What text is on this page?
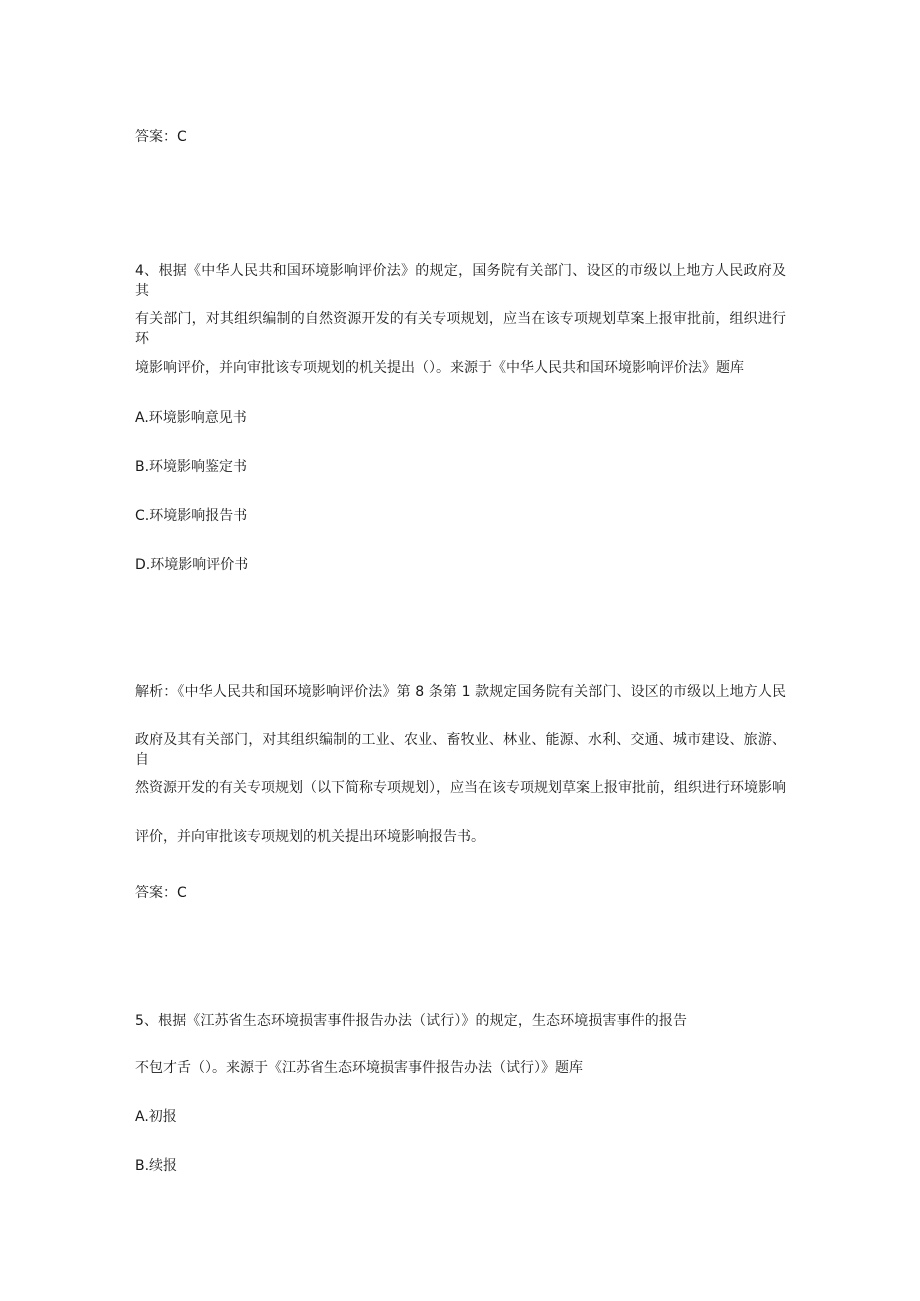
答案：C
4、根据《中华人民共和国环境影响评价法》的规定，国务院有关部门、设区的市级以上地方人民政府及其
有关部门，对其组织编制的自然资源开发的有关专项规划，应当在该专项规划草案上报审批前，组织进行环
境影响评价，并向审批该专项规划的机关提出（）。来源于《中华人民共和国环境影响评价法》题库
A.环境影响意见书
B.环境影响鉴定书
C.环境影响报告书
D.环境影响评价书
解析：《中华人民共和国环境影响评价法》第 8 条第 1 款规定国务院有关部门、设区的市级以上地方人民
政府及其有关部门，对其组织编制的工业、农业、畜牧业、林业、能源、水利、交通、城市建设、旅游、自
然资源开发的有关专项规划（以下简称专项规划），应当在该专项规划草案上报审批前，组织进行环境影响
评价，并向审批该专项规划的机关提出环境影响报告书。
答案：C
5、根据《江苏省生态环境损害事件报告办法（试行）》的规定，生态环境损害事件的报告
不包才舌（）。来源于《江苏省生态环境损害事件报告办法（试行）》题库
A.初报
B.续报
